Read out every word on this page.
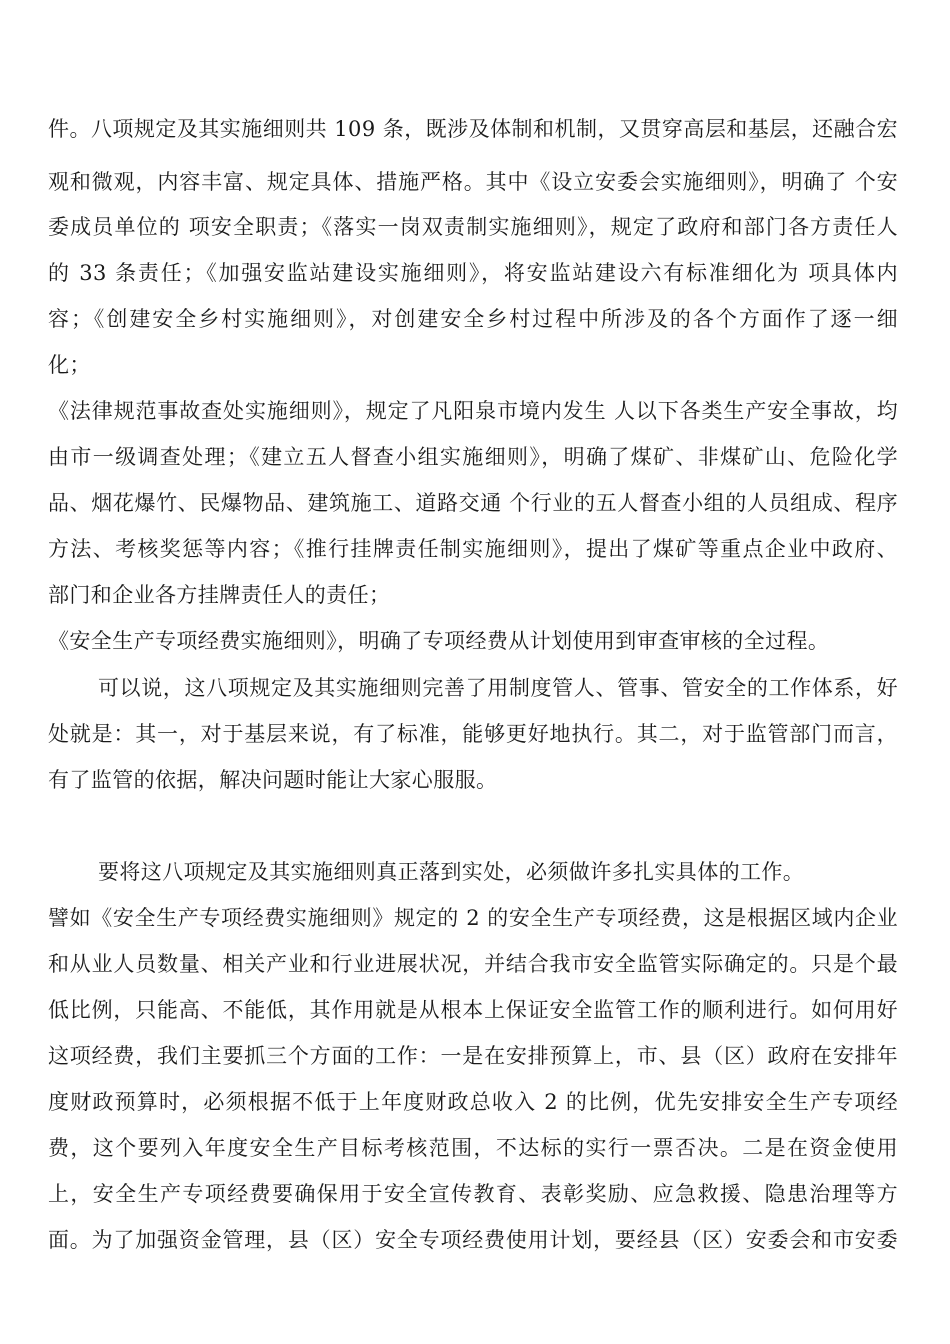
件。八项规定及其实施细则共 109 条，既涉及体制和机制，又贯穿高层和基层，还融合宏
观和微观，内容丰富、规定具体、措施严格。其中《设立安委会实施细则》，明确了 个安
委成员单位的 项安全职责；《落实一岗双责制实施细则》，规定了政府和部门各方责任人
的 33 条责任；《加强安监站建设实施细则》，将安监站建设六有标准细化为 项具体内
容；《创建安全乡村实施细则》，对创建安全乡村过程中所涉及的各个方面作了逐一细
化；
《法律规范事故查处实施细则》，规定了凡阳泉市境内发生 人以下各类生产安全事故，均
由市一级调查处理；《建立五人督查小组实施细则》，明确了煤矿、非煤矿山、危险化学
品、烟花爆竹、民爆物品、建筑施工、道路交通 个行业的五人督查小组的人员组成、程序
方法、考核奖惩等内容；《推行挂牌责任制实施细则》，提出了煤矿等重点企业中政府、
部门和企业各方挂牌责任人的责任；
《安全生产专项经费实施细则》，明确了专项经费从计划使用到审查审核的全过程。
可以说，这八项规定及其实施细则完善了用制度管人、管事、管安全的工作体系，好
处就是：其一，对于基层来说，有了标准，能够更好地执行。其二，对于监管部门而言，
有了监管的依据，解决问题时能让大家心服服。
要将这八项规定及其实施细则真正落到实处，必须做许多扎实具体的工作。
譬如《安全生产专项经费实施细则》规定的 2 的安全生产专项经费，这是根据区域内企业
和从业人员数量、相关产业和行业进展状况，并结合我市安全监管实际确定的。只是个最
低比例，只能高、不能低，其作用就是从根本上保证安全监管工作的顺利进行。如何用好
这项经费，我们主要抓三个方面的工作：一是在安排预算上，市、县（区）政府在安排年
度财政预算时，必须根据不低于上年度财政总收入 2 的比例，优先安排安全生产专项经
费，这个要列入年度安全生产目标考核范围，不达标的实行一票否决。二是在资金使用
上，安全生产专项经费要确保用于安全宣传教育、表彰奖励、应急救援、隐患治理等方
面。为了加强资金管理，县（区）安全专项经费使用计划，要经县（区）安委会和市安委
